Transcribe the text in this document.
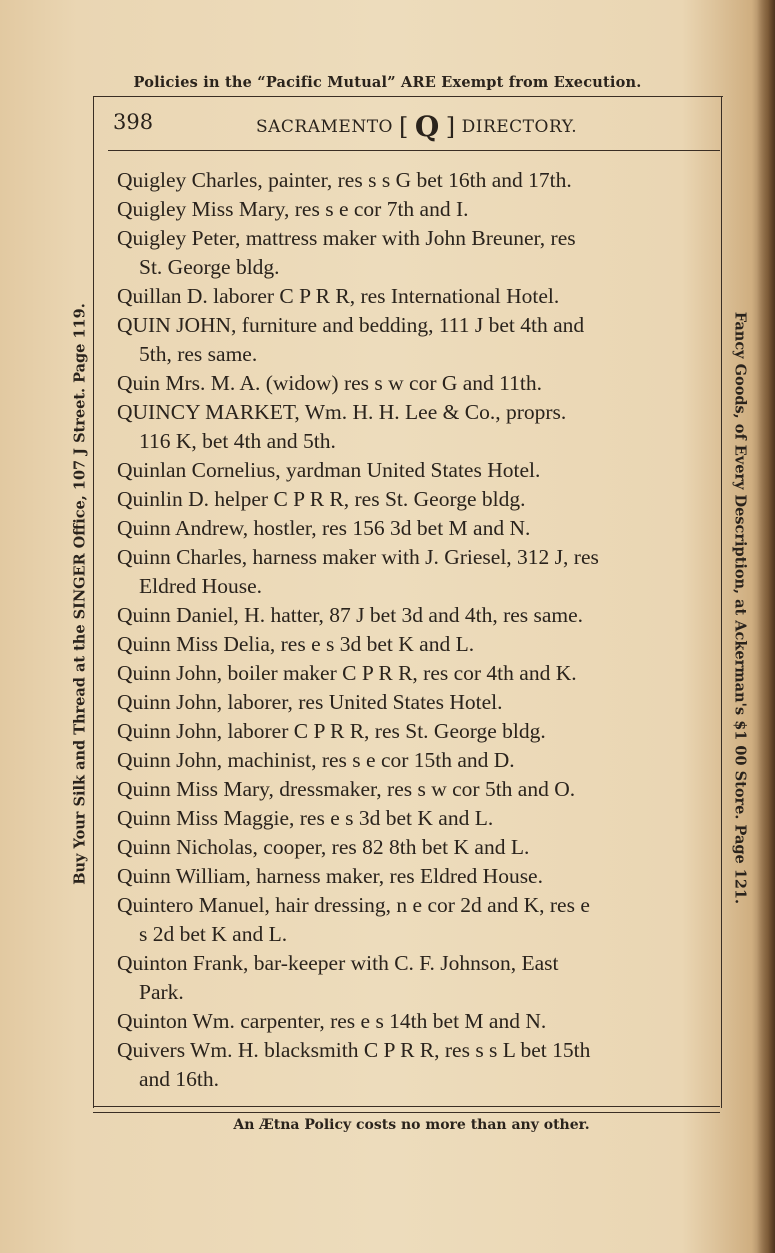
Policies in the “Pacific Mutual” ARE Exempt from Execution.
398	SACRAMENTO [ Q ] DIRECTORY.
Buy Your Silk and Thread at the SINGER Office, 107 J Street. Page 119.	Fancy Goods, of Every Description, at Ackerman's $1 00 Store. Page 121.
Quigley Charles, painter, res s s G bet 16th and 17th.
Quigley Miss Mary, res s e cor 7th and I.
Quigley Peter, mattress maker with John Breuner, res
St. George bldg.
Quillan D. laborer C P R R, res International Hotel.
QUIN JOHN, furniture and bedding, 111 J bet 4th and
5th, res same.
Quin Mrs. M. A. (widow) res s w cor G and 11th.
QUINCY MARKET, Wm. H. H. Lee & Co., proprs.
116 K, bet 4th and 5th.
Quinlan Cornelius, yardman United States Hotel.
Quinlin D. helper C P R R, res St. George bldg.
Quinn Andrew, hostler, res 156 3d bet M and N.
Quinn Charles, harness maker with J. Griesel, 312 J, res
Eldred House.
Quinn Daniel, H. hatter, 87 J bet 3d and 4th, res same.
Quinn Miss Delia, res e s 3d bet K and L.
Quinn John, boiler maker C P R R, res cor 4th and K.
Quinn John, laborer, res United States Hotel.
Quinn John, laborer C P R R, res St. George bldg.
Quinn John, machinist, res s e cor 15th and D.
Quinn Miss Mary, dressmaker, res s w cor 5th and O.
Quinn Miss Maggie, res e s 3d bet K and L.
Quinn Nicholas, cooper, res 82 8th bet K and L.
Quinn William, harness maker, res Eldred House.
Quintero Manuel, hair dressing, n e cor 2d and K, res e
s 2d bet K and L.
Quinton Frank, bar-keeper with C. F. Johnson, East
Park.
Quinton Wm. carpenter, res e s 14th bet M and N.
Quivers Wm. H. blacksmith C P R R, res s s L bet 15th
and 16th.
An Ætna Policy costs no more than any other.
